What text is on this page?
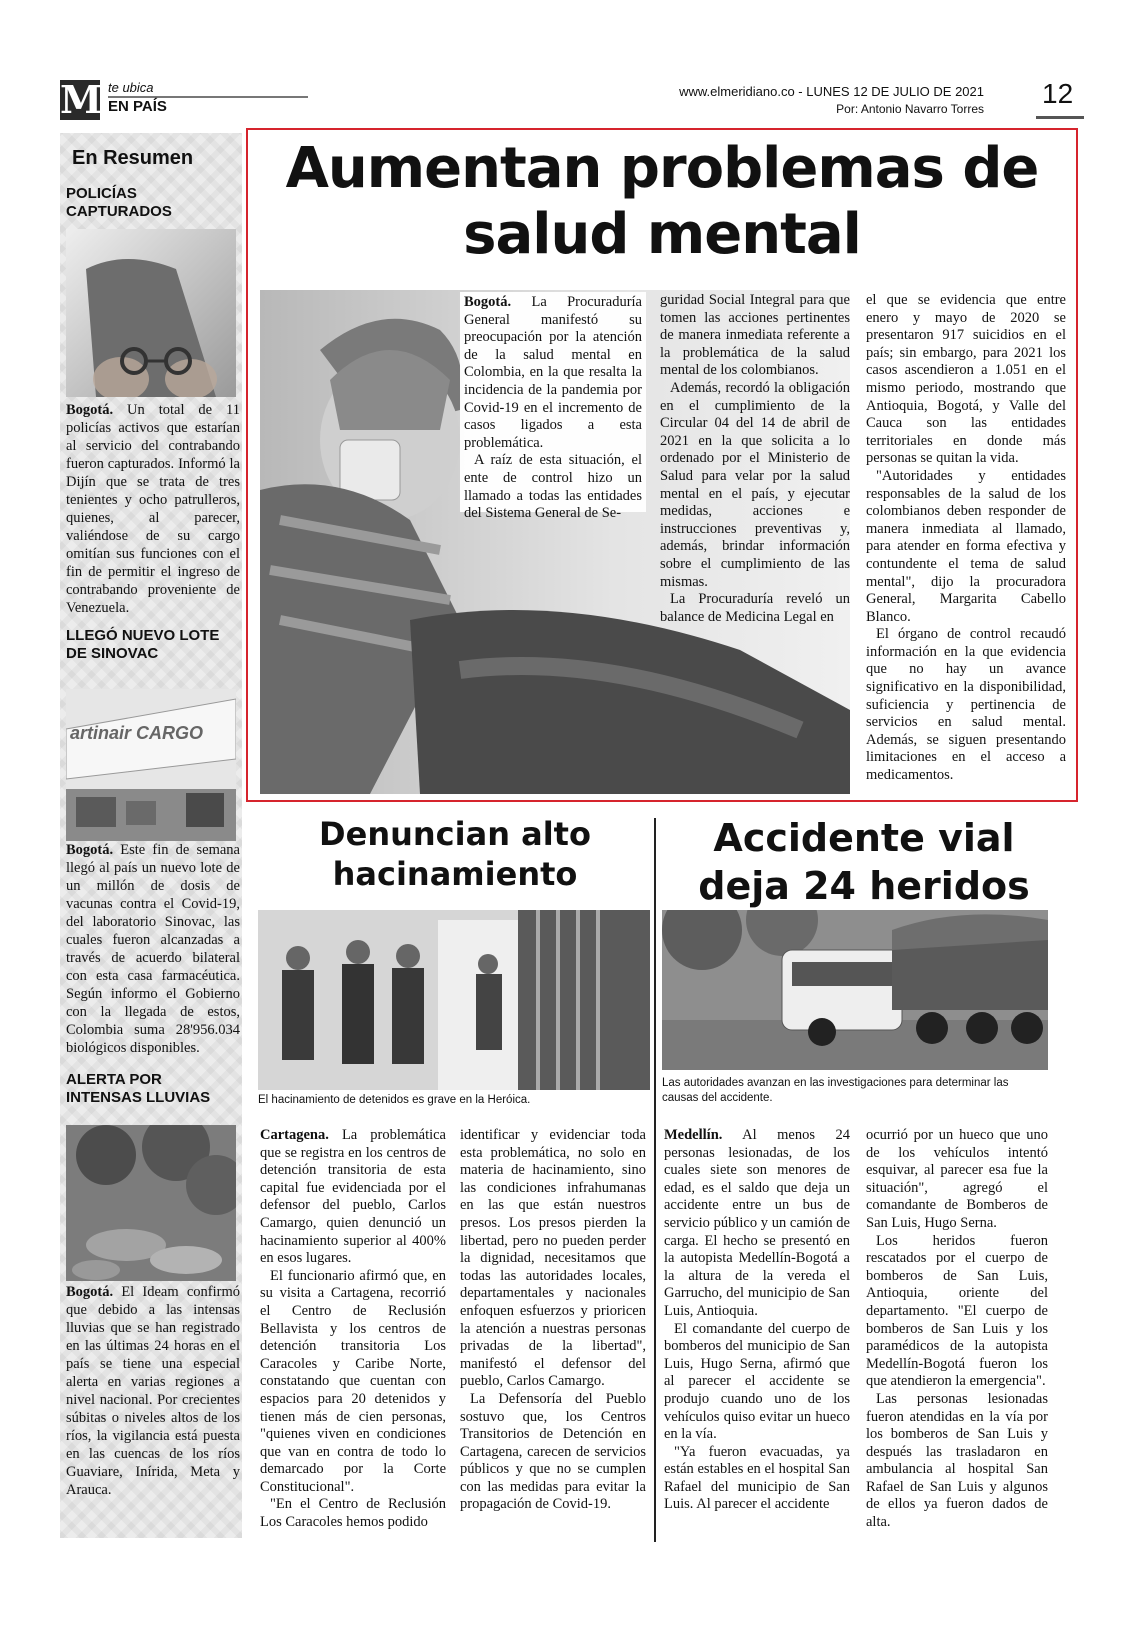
M te ubica
EN PAÍS
www.elmeridiano.co - LUNES 12 DE JULIO DE 2021
Por: Antonio Navarro Torres 12
En Resumen
POLICÍAS CAPTURADOS
Bogotá. Un total de 11 policías activos que estarían al servicio del contrabando fueron capturados. Informó la Dijín que se trata de tres tenientes y ocho patrulleros, quienes, al parecer, valiéndose de su cargo omitían sus funciones con el fin de permitir el ingreso de contrabando proveniente de Venezuela.
LLEGÓ NUEVO LOTE DE SINOVAC
artinair CARGO
Bogotá. Este fin de semana llegó al país un nuevo lote de un millón de dosis de vacunas contra el Covid-19, del laboratorio Sinovac, las cuales fueron alcanzadas a través de acuerdo bilateral con esta casa farmacéutica. Según informo el Gobierno con la llegada de estos, Colombia suma 28'956.034 biológicos disponibles.
ALERTA POR INTENSAS LLUVIAS
Bogotá. El Ideam confirmó que debido a las intensas lluvias que se han registrado en las últimas 24 horas en el país se tiene una especial alerta en varias regiones a nivel nacional. Por crecientes súbitas o niveles altos de los ríos, la vigilancia está puesta en las cuencas de los ríos Guaviare, Inírida, Meta y Arauca.
Aumentan problemas de salud mental

Bogotá. La Procuraduría General manifestó su preocupación por la atención de la salud mental en Colombia, en la que resalta la incidencia de la pandemia por Covid-19 en el incremento de casos ligados a esta problemática.

A raíz de esta situación, el ente de control hizo un llamado a todas las entidades del Sistema General de Se-

guridad Social Integral para que tomen las acciones pertinentes de manera inmediata referente a la problemática de la salud mental de los colombianos.

Además, recordó la obligación en el cumplimiento de la Circular 04 del 14 de abril de 2021 en la que solicita a lo ordenado por el Ministerio de Salud para velar por la salud mental en el país, y ejecutar medidas, acciones e instrucciones preventivas y, además, brindar información sobre el cumplimiento de las mismas.

La Procuraduría reveló un balance de Medicina Legal en

el que se evidencia que entre enero y mayo de 2020 se presentaron 917 suicidios en el país; sin embargo, para 2021 los casos ascendieron a 1.051 en el mismo periodo, mostrando que Antioquia, Bogotá, y Valle del Cauca son las entidades territoriales en donde más personas se quitan la vida.

"Autoridades y entidades responsables de la salud de los colombianos deben responder de manera inmediata al llamado, para atender en forma efectiva y contundente el tema de salud mental", dijo la procuradora General, Margarita Cabello Blanco.

El órgano de control recaudó información en la que evidencia que no hay un avance significativo en la disponibilidad, suficiencia y pertinencia de servicios en salud mental. Además, se siguen presentando limitaciones en el acceso a medicamentos.

Denuncian alto hacinamiento
El hacinamiento de detenidos es grave en la Heróica.

Cartagena. La problemática que se registra en los centros de detención transitoria de esta capital fue evidenciada por el defensor del pueblo, Carlos Camargo, quien denunció un hacinamiento superior al 400% en esos lugares.

El funcionario afirmó que, en su visita a Cartagena, recorrió el Centro de Reclusión Bellavista y los centros de detención transitoria Los Caracoles y Caribe Norte, constatando que cuentan con espacios para 20 detenidos y tienen más de cien personas, "quienes viven en condiciones que van en contra de todo lo demarcado por la Corte Constitucional".

"En el Centro de Reclusión Los Caracoles hemos podido

identificar y evidenciar toda esta problemática, no solo en materia de hacinamiento, sino las condiciones infrahumanas en las que están nuestros presos. Los presos pierden la libertad, pero no pueden perder la dignidad, necesitamos que todas las autoridades locales, departamentales y nacionales enfoquen esfuerzos y prioricen la atención a nuestras personas privadas de la libertad", manifestó el defensor del pueblo, Carlos Camargo.

La Defensoría del Pueblo sostuvo que, los Centros Transitorios de Detención en Cartagena, carecen de servicios públicos y que no se cumplen con las medidas para evitar la propagación de Covid-19.

Accidente vial deja 24 heridos
Las autoridades avanzan en las investigaciones para determinar las causas del accidente.

Medellín. Al menos 24 personas lesionadas, de los cuales siete son menores de edad, es el saldo que deja un accidente entre un bus de servicio público y un camión de carga. El hecho se presentó en la autopista Medellín-Bogotá a la altura de la vereda el Garrucho, del municipio de San Luis, Antioquia.

El comandante del cuerpo de bomberos del municipio de San Luis, Hugo Serna, afirmó que al parecer el accidente se produjo cuando uno de los vehículos quiso evitar un hueco en la vía.

"Ya fueron evacuadas, ya están estables en el hospital San Rafael del municipio de San Luis. Al parecer el accidente

ocurrió por un hueco que uno de los vehículos intentó esquivar, al parecer esa fue la situación", agregó el comandante de Bomberos de San Luis, Hugo Serna.

Los heridos fueron rescatados por el cuerpo de bomberos de San Luis, Antioquia, oriente del departamento. "El cuerpo de bomberos de San Luis y los paramédicos de la autopista Medellín-Bogotá fueron los que atendieron la emergencia".

Las personas lesionadas fueron atendidas en la vía por los bomberos de San Luis y después las trasladaron en ambulancia al hospital San Rafael de San Luis y algunos de ellos ya fueron dados de alta.
